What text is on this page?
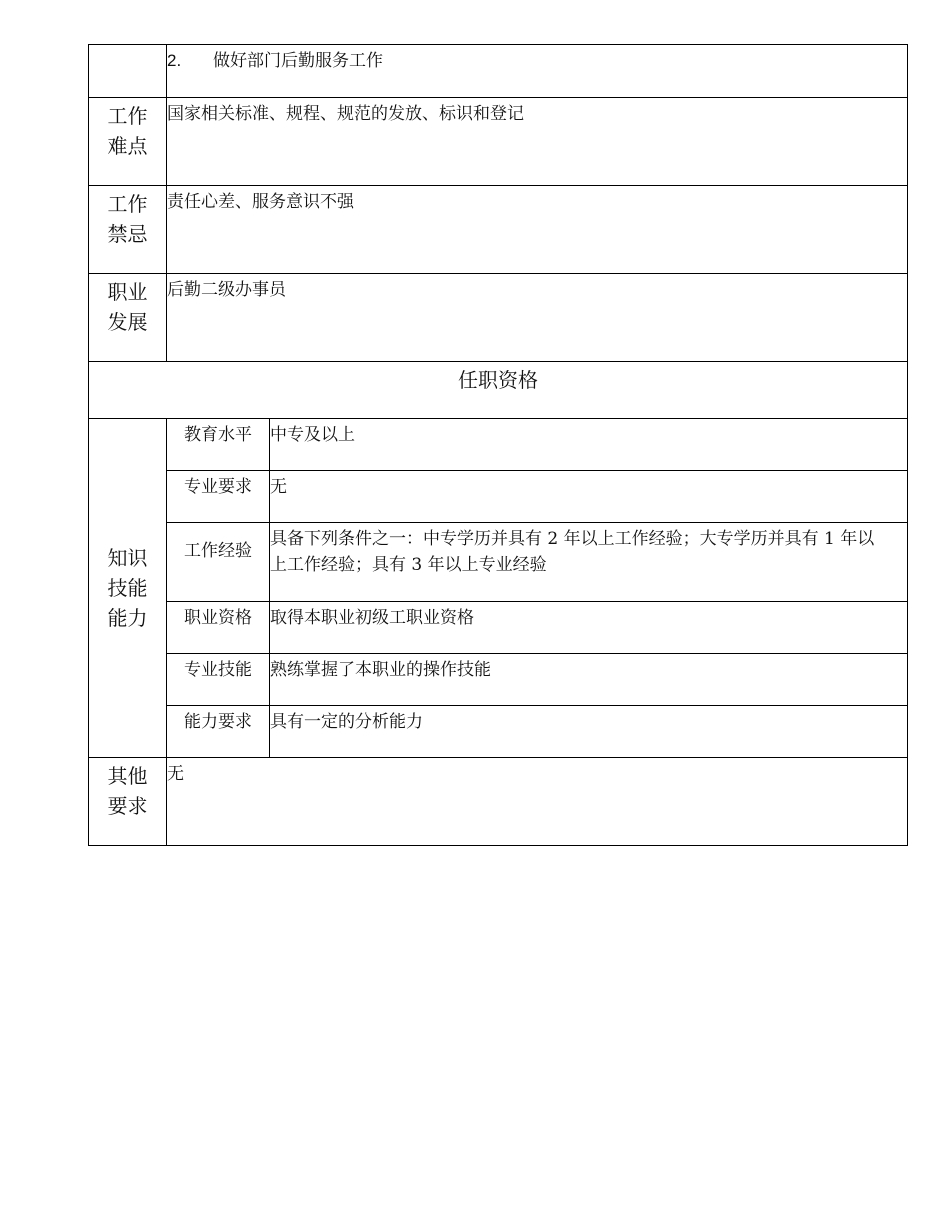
	2. 做好部门后勤服务工作	

工作
难点	国家相关标准、规程、规范的发放、标识和登记	

工作
禁忌	责任心差、服务意识不强	

职业
发展	后勤二级办事员	
任职资格		

知识
技能
能力	教育水平	中专及以上
	专业要求	无
	工作经验	具备下列条件之一：中专学历并具有 2 年以上工作经验；大专学历并具有 1 年以上工作经验；具有 3 年以上专业经验
	职业资格	取得本职业初级工职业资格
	专业技能	熟练掌握了本职业的操作技能
	能力要求	具有一定的分析能力

其他
要求	无	
